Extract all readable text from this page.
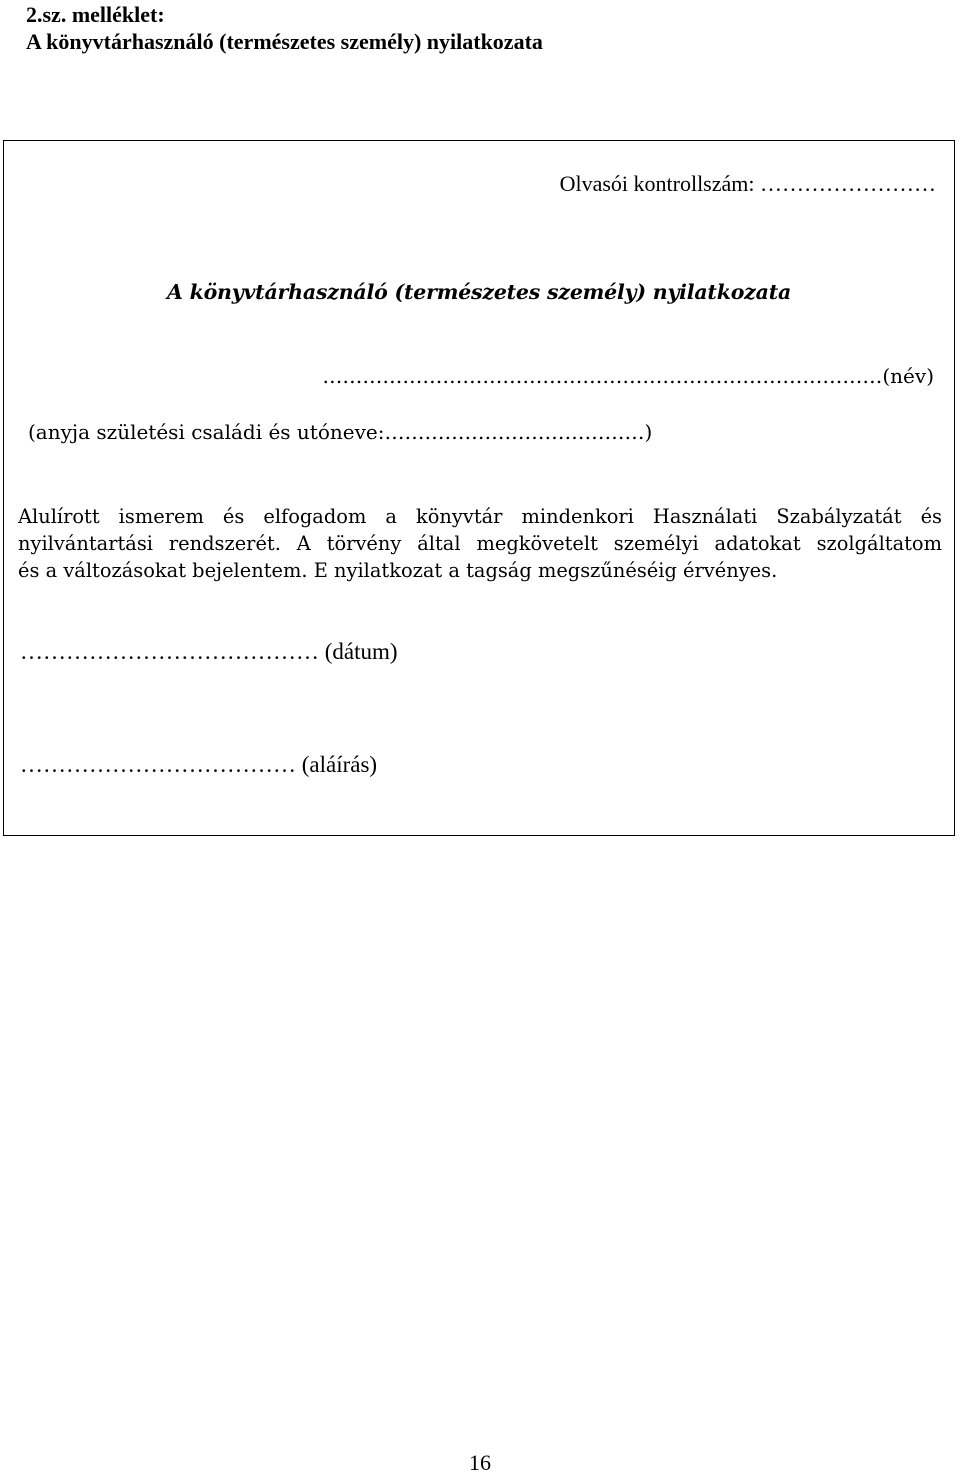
2.sz. melléklet:
A könyvtárhasználó (természetes személy) nyilatkozata
Olvasói kontrollszám: ……………………
A könyvtárhasználó (természetes személy) nyilatkozata
…………………………………………………………………………(név)
(anyja születési családi és utóneve:…………………………………)
Alulírott ismerem és elfogadom a könyvtár mindenkori Használati Szabályzatát és
nyilvántartási rendszerét. A törvény által megkövetelt személyi adatokat szolgáltatom
és a változásokat bejelentem. E nyilatkozat a tagság megszűnéséig érvényes.
………………………………… (dátum)
……………………………… (aláírás)
16
